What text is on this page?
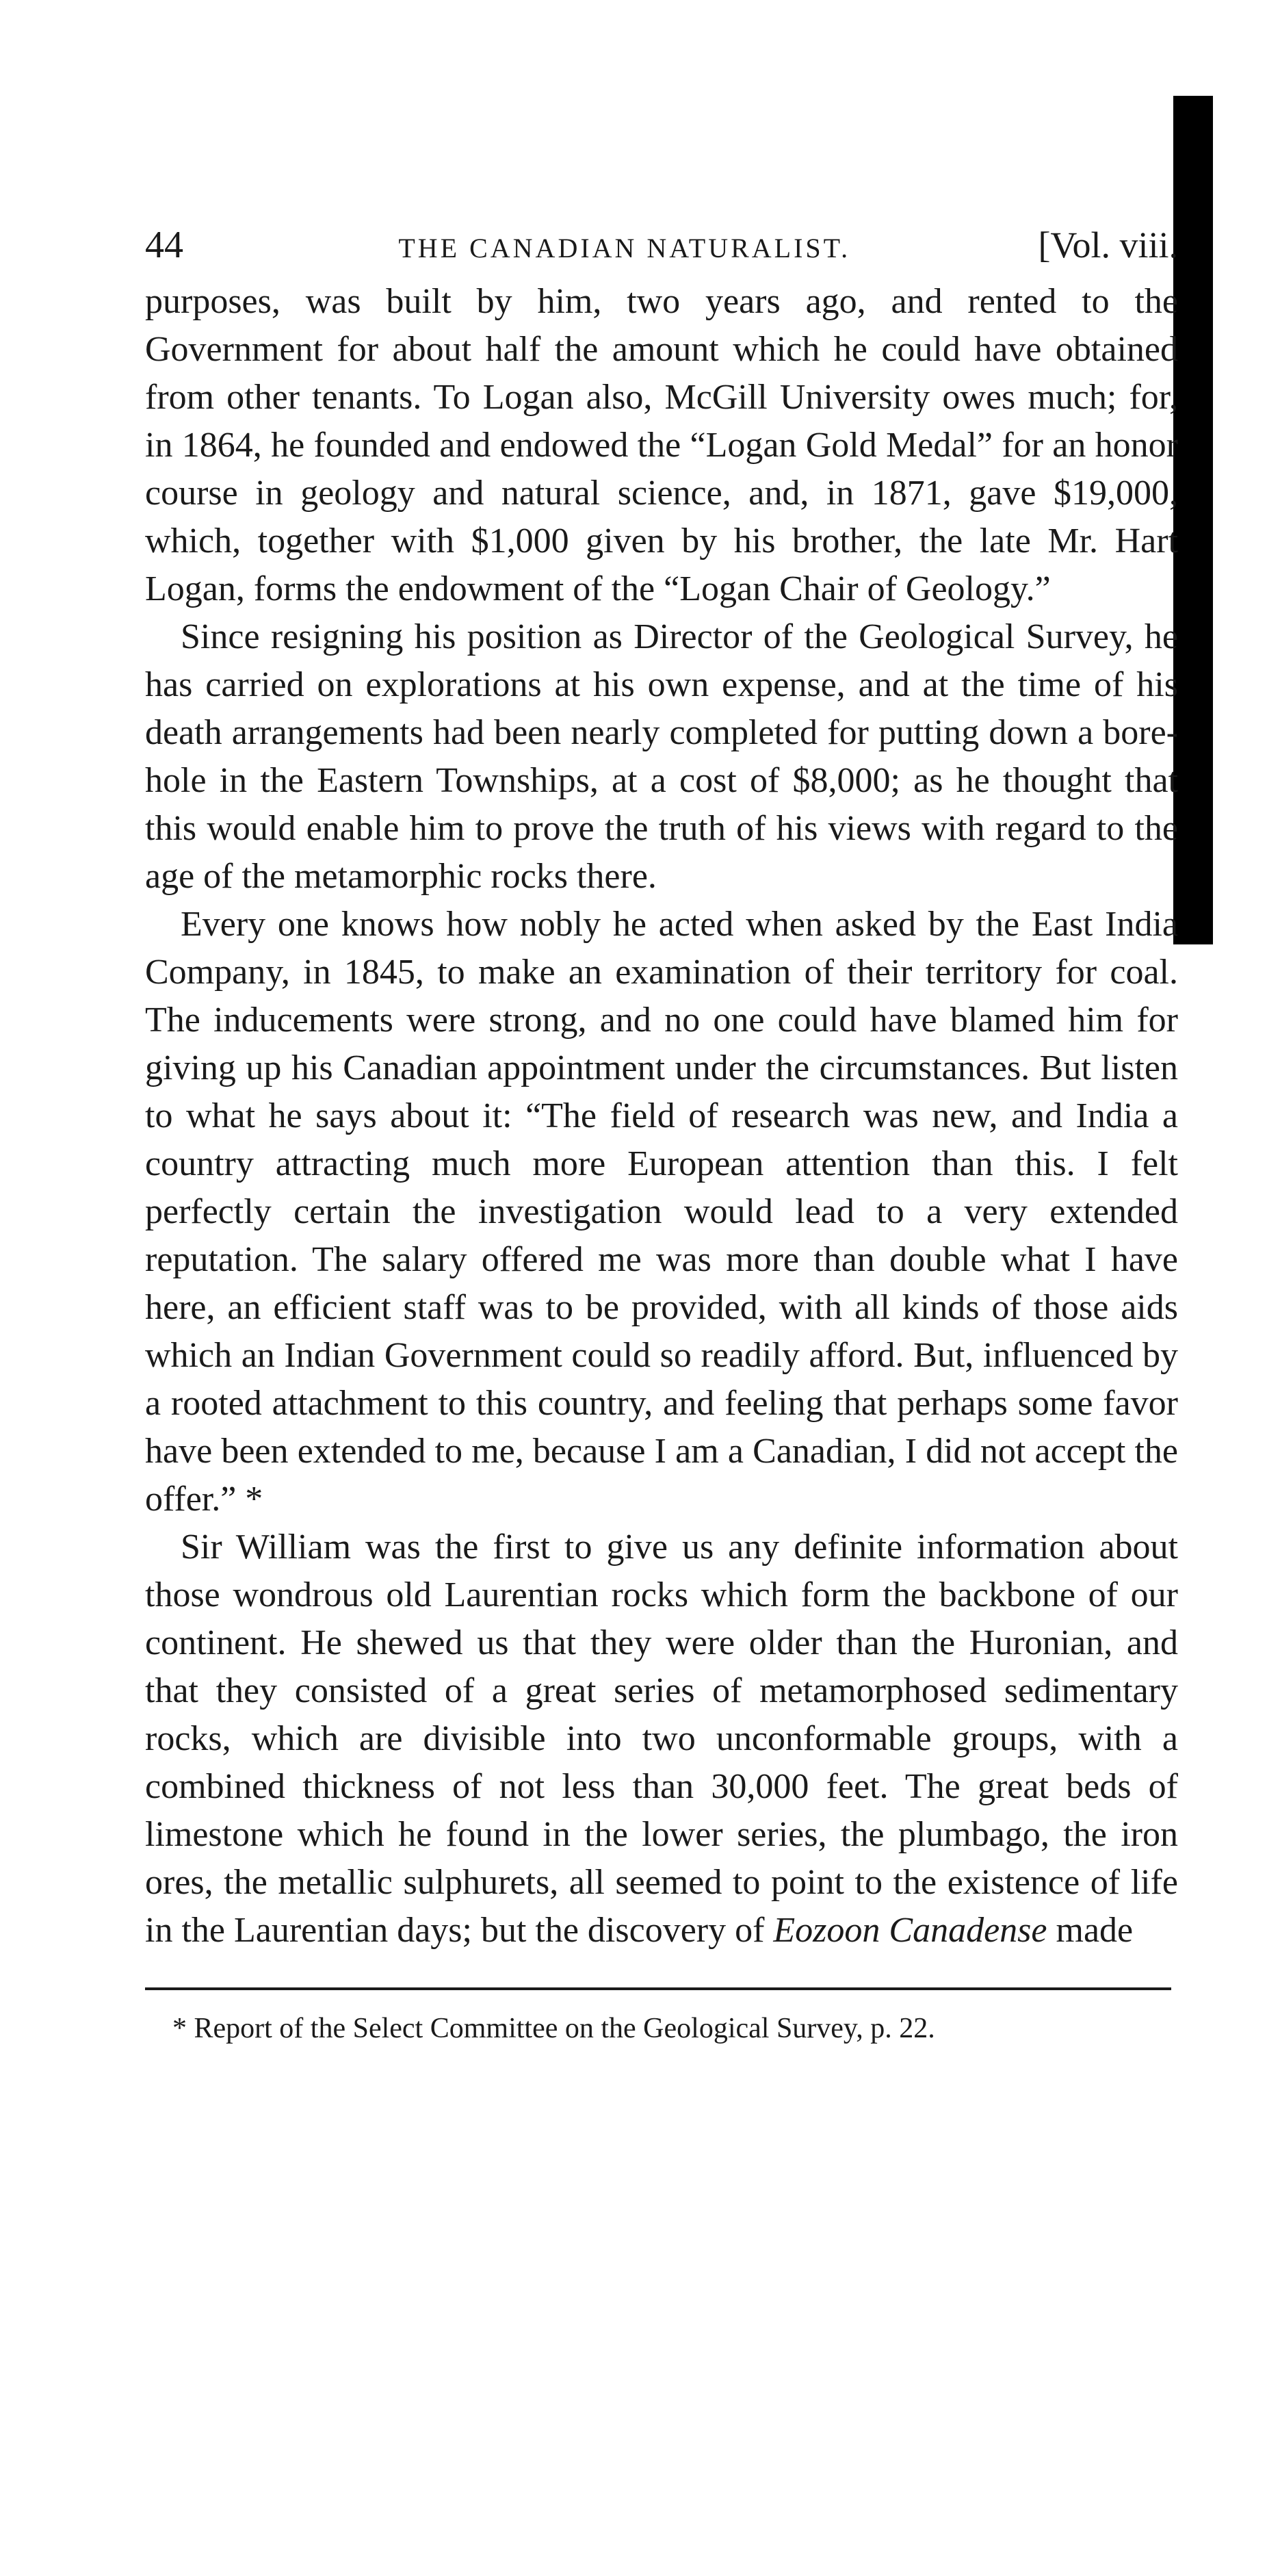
44	THE CANADIAN NATURALIST.	[Vol. viii.

purposes, was built by him, two years ago, and rented to the Government for about half the amount which he could have obtained from other tenants. To Logan also, McGill University owes much; for, in 1864, he founded and endowed the “Logan Gold Medal” for an honor course in geology and natural science, and, in 1871, gave $19,000, which, together with $1,000 given by his brother, the late Mr. Hart Logan, forms the endowment of the “Logan Chair of Geology.”

Since resigning his position as Director of the Geological Survey, he has carried on explorations at his own expense, and at the time of his death arrangements had been nearly completed for putting down a bore-hole in the Eastern Townships, at a cost of $8,000; as he thought that this would enable him to prove the truth of his views with regard to the age of the metamorphic rocks there.

Every one knows how nobly he acted when asked by the East India Company, in 1845, to make an examination of their territory for coal. The inducements were strong, and no one could have blamed him for giving up his Canadian appointment under the circumstances. But listen to what he says about it: “The field of research was new, and India a country attracting much more European attention than this. I felt perfectly certain the investigation would lead to a very extended reputation. The salary offered me was more than double what I have here, an efficient staff was to be provided, with all kinds of those aids which an Indian Government could so readily afford. But, influenced by a rooted attachment to this country, and feeling that perhaps some favor have been extended to me, because I am a Canadian, I did not accept the offer.” *

Sir William was the first to give us any definite information about those wondrous old Laurentian rocks which form the backbone of our continent. He shewed us that they were older than the Huronian, and that they consisted of a great series of metamorphosed sedimentary rocks, which are divisible into two unconformable groups, with a combined thickness of not less than 30,000 feet. The great beds of limestone which he found in the lower series, the plumbago, the iron ores, the metallic sulphurets, all seemed to point to the existence of life in the Laurentian days; but the discovery of Eozoon Canadense made

* Report of the Select Committee on the Geological Survey, p. 22.
